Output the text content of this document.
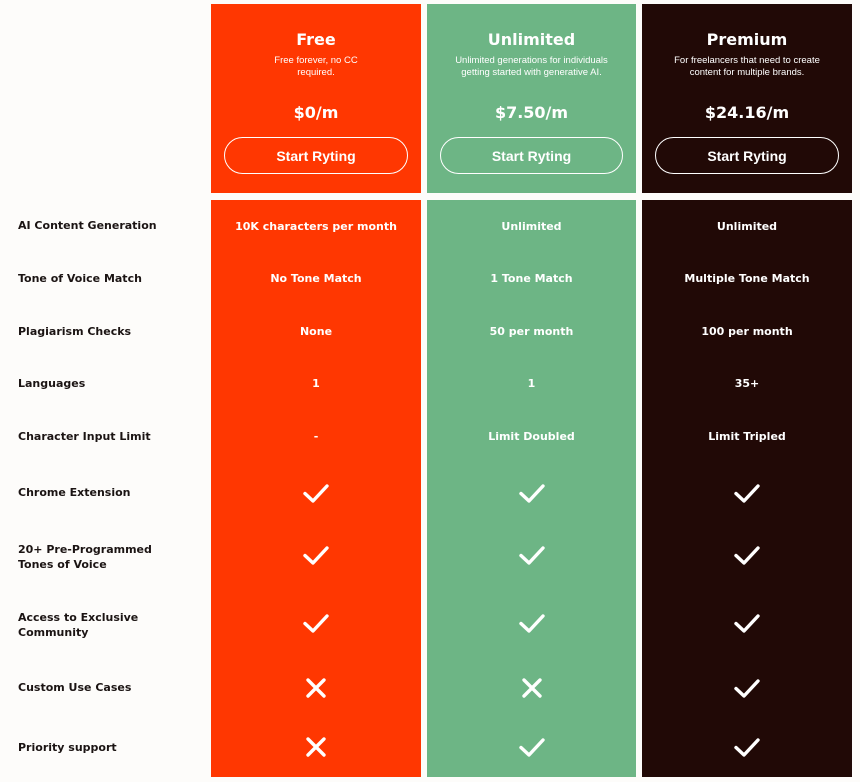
AI Content Generation
Tone of Voice Match
Plagiarism Checks
Languages
Character Input Limit
Chrome Extension
20+ Pre-Programmed Tones of Voice
Access to Exclusive Community
Custom Use Cases
Priority support
Free
Free forever, no CC required.
$0/m
Start Ryting
Unlimited
Unlimited generations for individuals getting started with generative AI.
$7.50/m
Start Ryting
Premium
For freelancers that need to create content for multiple brands.
$24.16/m
Start Ryting
10K characters per month
No Tone Match
None
1
-
Unlimited
1 Tone Match
50 per month
1
Limit Doubled
Unlimited
Multiple Tone Match
100 per month
35+
Limit Tripled
